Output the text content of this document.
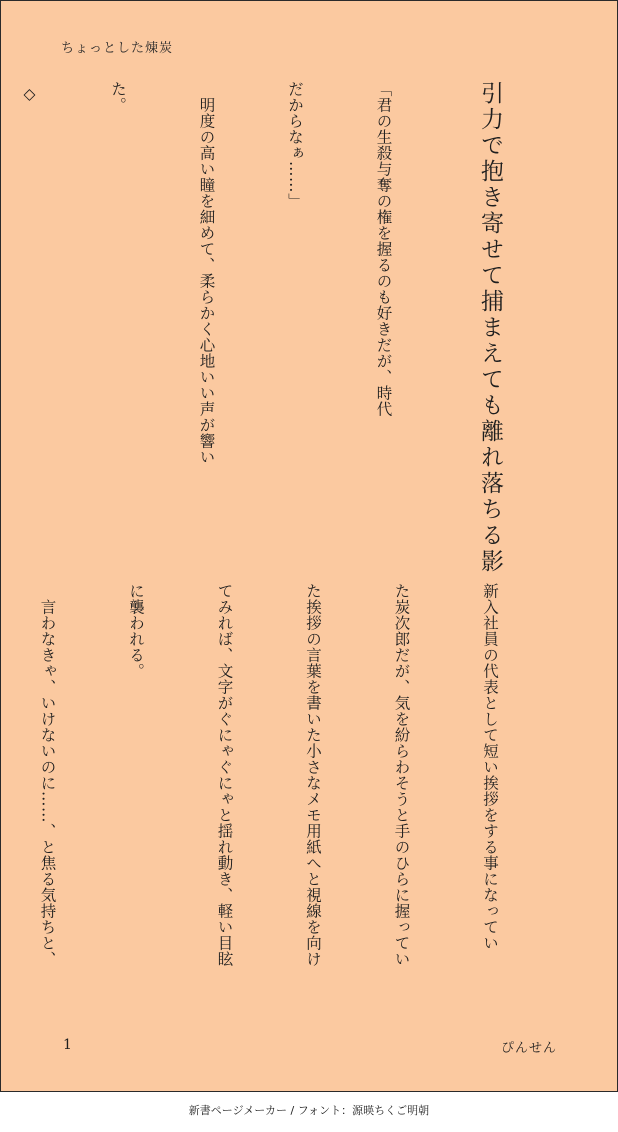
ちょっとした煉炭

引力で抱き寄せて捕まえても離れ落ちる影

「君の生殺与奪の権を握るのも好きだが、時代

だからなぁ……」

明度の高い瞳を細めて、柔らかく心地いい声が響い

た。

◇

新入社員の代表として短い挨拶をする事になってい

た炭次郎だが、気を紛らわそうと手のひらに握ってい

た挨拶の言葉を書いた小さなメモ用紙へと視線を向け

てみれば、文字がぐにゃぐにゃと揺れ動き、軽い目眩

に襲われる。

言わなきゃ、いけないのに……、と焦る気持ちと、

1	ぴんせん
新書ページメーカー / フォント：源暎ちくご明朝
